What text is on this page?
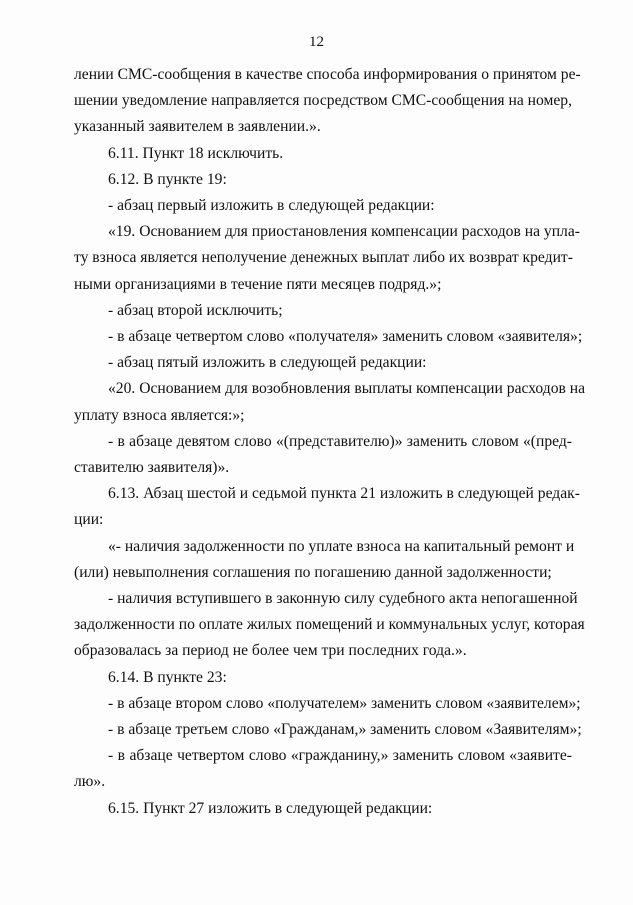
12
лении СМС-сообщения в качестве способа информирования о принятом ре-
шении уведомление направляется посредством СМС-сообщения на номер,
указанный заявителем в заявлении.».
6.11. Пункт 18 исключить.
6.12. В пункте 19:
- абзац первый изложить в следующей редакции:
«19. Основанием для приостановления компенсации расходов на упла-
ту взноса является неполучение денежных выплат либо их возврат кредит-
ными организациями в течение пяти месяцев подряд.»;
- абзац второй исключить;
- в абзаце четвертом слово «получателя» заменить словом «заявителя»;
- абзац пятый изложить в следующей редакции:
«20. Основанием для возобновления выплаты компенсации расходов на
уплату взноса является:»;
- в абзаце девятом слово «(представителю)» заменить словом «(пред-
ставителю заявителя)».
6.13. Абзац шестой и седьмой пункта 21 изложить в следующей редак-
ции:
«- наличия задолженности по уплате взноса на капитальный ремонт и
(или) невыполнения соглашения по погашению данной задолженности;
- наличия вступившего в законную силу судебного акта непогашенной
задолженности по оплате жилых помещений и коммунальных услуг, которая
образовалась за период не более чем три последних года.».
6.14. В пункте 23:
- в абзаце втором слово «получателем» заменить словом «заявителем»;
- в абзаце третьем слово «Гражданам,» заменить словом «Заявителям»;
- в абзаце четвертом слово «гражданину,» заменить словом «заявите-
лю».
6.15. Пункт 27 изложить в следующей редакции:
